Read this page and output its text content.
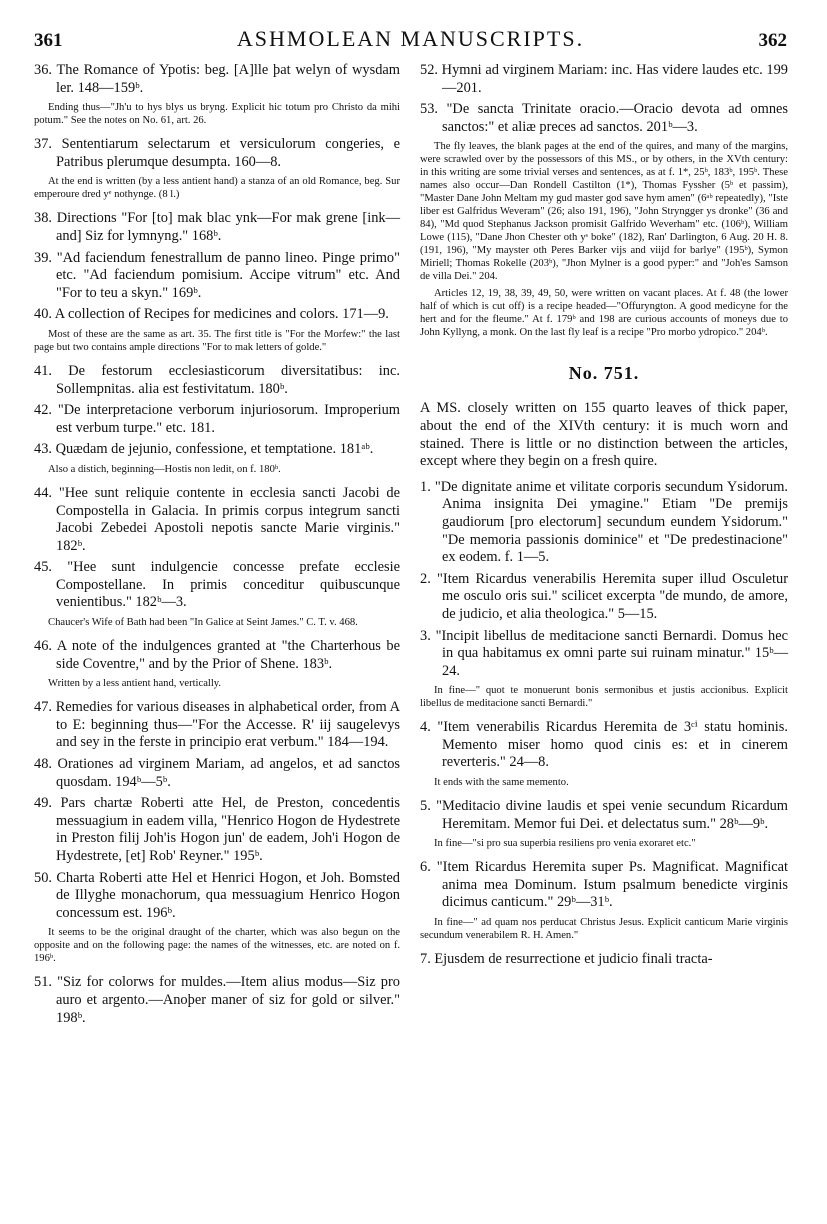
361	ASHMOLEAN MANUSCRIPTS.	362
36. The Romance of Ypotis: beg. [A]lle þat welyn of wysdam ler. 148—159ᵇ.
Ending thus—"Jh'u to hys blys us bryng. Explicit hic totum pro Christo da mihi potum." See the notes on No. 61, art. 26.
37. Sententiarum selectarum et versiculorum congeries, e Patribus plerumque desumpta. 160—8.
At the end is written (by a less antient hand) a stanza of an old Romance, beg. Sur emperoure dred yᵉ nothynge. (8 l.)
38. Directions "For [to] mak blac ynk—For mak grene [ink—and] Siz for lymnyng." 168ᵇ.
39. "Ad faciendum fenestrallum de panno lineo. Pinge primo" etc. "Ad faciendum pomisium. Accipe vitrum" etc. And "For to teu a skyn." 169ᵇ.
40. A collection of Recipes for medicines and colors. 171—9.
Most of these are the same as art. 35. The first title is "For the Morfew:" the last page but two contains ample directions "For to mak letters of golde."
41. De festorum ecclesiasticorum diversitatibus: inc. Sollempnitas. alia est festivitatum. 180ᵇ.
42. "De interpretacione verborum injuriosorum. Improperium est verbum turpe." etc. 181.
43. Quædam de jejunio, confessione, et temptatione. 181ᵃᵇ.
Also a distich, beginning—Hostis non ledit, on f. 180ᵇ.
44. "Hee sunt reliquie contente in ecclesia sancti Jacobi de Compostella in Galacia. In primis corpus integrum sancti Jacobi Zebedei Apostoli nepotis sancte Marie virginis." 182ᵇ.
45. "Hee sunt indulgencie concesse prefate ecclesie Compostellane. In primis conceditur quibuscunque venientibus." 182ᵇ—3.
Chaucer's Wife of Bath had been "In Galice at Seint James." C. T. v. 468.
46. A note of the indulgences granted at "the Charterhous be side Coventre," and by the Prior of Shene. 183ᵇ.
Written by a less antient hand, vertically.
47. Remedies for various diseases in alphabetical order, from A to E: beginning thus—"For the Accesse. R' iij saugelevys and sey in the ferste in principio erat verbum." 184—194.
48. Orationes ad virginem Mariam, ad angelos, et ad sanctos quosdam. 194ᵇ—5ᵇ.
49. Pars chartæ Roberti atte Hel, de Preston, concedentis messuagium in eadem villa, "Henrico Hogon de Hydestrete in Preston filij Joh'is Hogon jun' de eadem, Joh'i Hogon de Hydestrete, [et] Rob' Reyner." 195ᵇ.
50. Charta Roberti atte Hel et Henrici Hogon, et Joh. Bomsted de Illyghe monachorum, qua messuagium Henrico Hogon concessum est. 196ᵇ.
It seems to be the original draught of the charter, which was also begun on the opposite and on the following page: the names of the witnesses, etc. are noted on f. 196ᵇ.
51. "Siz for colorws for muldes.—Item alius modus—Siz pro auro et argento.—Anoþer maner of siz for gold or silver." 198ᵇ.
52. Hymni ad virginem Mariam: inc. Has videre laudes etc. 199—201.
53. "De sancta Trinitate oracio.—Oracio devota ad omnes sanctos:" et aliæ preces ad sanctos. 201ᵇ—3.
The fly leaves, the blank pages at the end of the quires, and many of the margins, were scrawled over by the possessors of this MS., or by others, in the XVth century: in this writing are some trivial verses and sentences, as at f. 1*, 25ᵇ, 183ᵇ, 195ᵇ. These names also occur—Dan Rondell Castilton (1*), Thomas Fyssher (5ᵇ et passim), "Master Dane John Meltam my gud master god save hym amen" (6ᵃᵇ repeatedly), "Iste liber est Galfridus Weveram" (26; also 191, 196), "John Stryngger ys dronke" (36 and 84), "Md quod Stephanus Jackson promisit Galfrido Weverham" etc. (106ᵇ), William Lowe (115), "Dane Jhon Chester oth yˢ boke" (182), Ran' Darlington, 6 Aug. 20 H. 8. (191, 196), "My mayster oth Peres Barker vijs and viijd for barlye" (195ᵇ), Symon Miriell; Thomas Rokelle (203ᵇ), "Jhon Mylner is a good pyper:" and "Joh'es Samson de villa Dei." 204.
Articles 12, 19, 38, 39, 49, 50, were written on vacant places. At f. 48 (the lower half of which is cut off) is a recipe headed—"Offuryngton. A good medicyne for the hert and for the fleume." At f. 179ᵇ and 198 are curious accounts of moneys due to John Kyllyng, a monk. On the last fly leaf is a recipe "Pro morbo ydropico." 204ᵇ.
No. 751.
A MS. closely written on 155 quarto leaves of thick paper, about the end of the XIVth century: it is much worn and stained. There is little or no distinction between the articles, except where they begin on a fresh quire.
1. "De dignitate anime et vilitate corporis secundum Ysidorum. Anima insignita Dei ymagine." Etiam "De premijs gaudiorum [pro electorum] secundum eundem Ysidorum." "De memoria passionis dominice" et "De predestinacione" ex eodem. f. 1—5.
2. "Item Ricardus venerabilis Heremita super illud Osculetur me osculo oris sui." scilicet excerpta "de mundo, de amore, de judicio, et alia theologica." 5—15.
3. "Incipit libellus de meditacione sancti Bernardi. Domus hec in qua habitamus ex omni parte sui ruinam minatur." 15ᵇ—24.
In fine—" quot te monuerunt bonis sermonibus et justis accionibus. Explicit libellus de meditacione sancti Bernardi."
4. "Item venerabilis Ricardus Heremita de 3ᶜⁱ statu hominis. Memento miser homo quod cinis es: et in cinerem reverteris." 24—8.
It ends with the same memento.
5. "Meditacio divine laudis et spei venie secundum Ricardum Heremitam. Memor fui Dei. et delectatus sum." 28ᵇ—9ᵇ.
In fine—"si pro sua superbia resiliens pro venia exoraret etc."
6. "Item Ricardus Heremita super Ps. Magnificat. Magnificat anima mea Dominum. Istum psalmum benedicte virginis dicimus canticum." 29ᵇ—31ᵇ.
In fine—" ad quam nos perducat Christus Jesus. Explicit canticum Marie virginis secundum venerabilem R. H. Amen."
7. Ejusdem de resurrectione et judicio finali tracta-
